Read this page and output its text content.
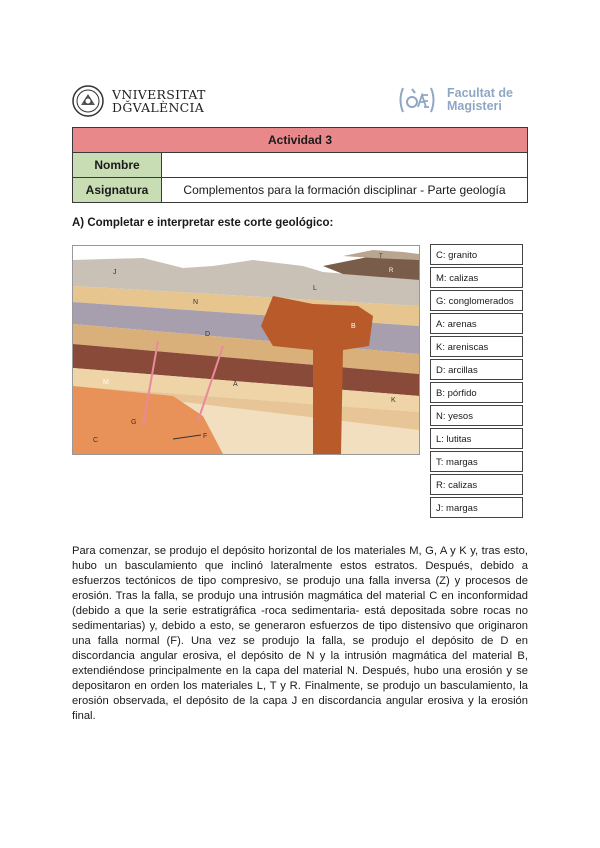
VNIVERSITAT
DǦVALÈNCIA
Facultat de
Magisteri
Actividad 3	
Nombre	
Asignatura	Complementos para la formación disciplinar - Parte geología
A) Completar e interpretar este corte geológico:
N
D
B
M
G
A
K
C
F
L
T
R
J
C: granito
M: calizas
G: conglomerados
A: arenas
K: areniscas
D: arcillas
B: pórfido
N: yesos
L: lutitas
T: margas
R: calizas
J: margas

Para comenzar, se produjo el depósito horizontal de los materiales M, G, A y K y, tras esto, hubo un basculamiento que inclinó lateralmente estos estratos. Después, debido a esfuerzos tectónicos de tipo compresivo, se produjo una falla inversa (Z) y procesos de erosión. Tras la falla, se produjo una intrusión magmática del material C en inconformidad (debido a que la serie estratigráfica -roca sedimentaria- está depositada sobre rocas no sedimentarias) y, debido a esto, se generaron esfuerzos de tipo distensivo que originaron una falla normal (F). Una vez se produjo la falla, se produjo el depósito de D en discordancia angular erosiva, el depósito de N y la intrusión magmática del material B, extendiéndose principalmente en la capa del material N. Después, hubo una erosión y se depositaron en orden los materiales L, T y R. Finalmente, se produjo un basculamiento, la erosión observada, el depósito de la capa J en discordancia angular erosiva y la erosión final.
